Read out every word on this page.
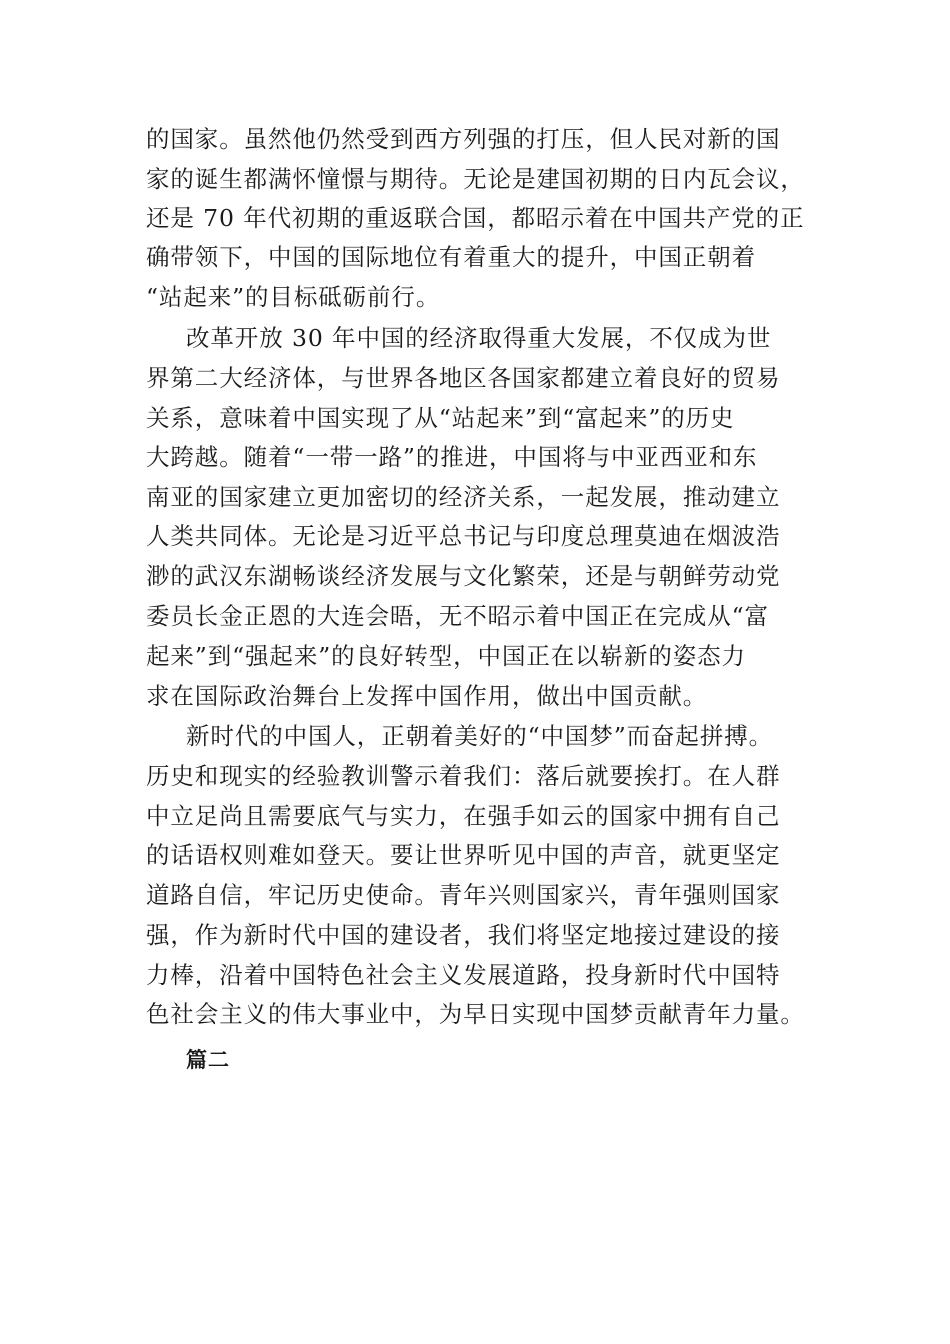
的国家。虽然他仍然受到西方列强的打压，但人民对新的国
家的诞生都满怀憧憬与期待。无论是建国初期的日内瓦会议，
还是 70 年代初期的重返联合国，都昭示着在中国共产党的正
确带领下，中国的国际地位有着重大的提升，中国正朝着
“站起来”的目标砥砺前行。
改革开放 30 年中国的经济取得重大发展，不仅成为世
界第二大经济体，与世界各地区各国家都建立着良好的贸易
关系，意味着中国实现了从“站起来”到“富起来”的历史
大跨越。随着“一带一路”的推进，中国将与中亚西亚和东
南亚的国家建立更加密切的经济关系，一起发展，推动建立
人类共同体。无论是习近平总书记与印度总理莫迪在烟波浩
渺的武汉东湖畅谈经济发展与文化繁荣，还是与朝鲜劳动党
委员长金正恩的大连会晤，无不昭示着中国正在完成从“富
起来”到“强起来”的良好转型，中国正在以崭新的姿态力
求在国际政治舞台上发挥中国作用，做出中国贡献。
新时代的中国人，正朝着美好的“中国梦”而奋起拼搏。
历史和现实的经验教训警示着我们：落后就要挨打。在人群
中立足尚且需要底气与实力，在强手如云的国家中拥有自己
的话语权则难如登天。要让世界听见中国的声音，就更坚定
道路自信，牢记历史使命。青年兴则国家兴，青年强则国家
强，作为新时代中国的建设者，我们将坚定地接过建设的接
力棒，沿着中国特色社会主义发展道路，投身新时代中国特
色社会主义的伟大事业中，为早日实现中国梦贡献青年力量。
篇二
